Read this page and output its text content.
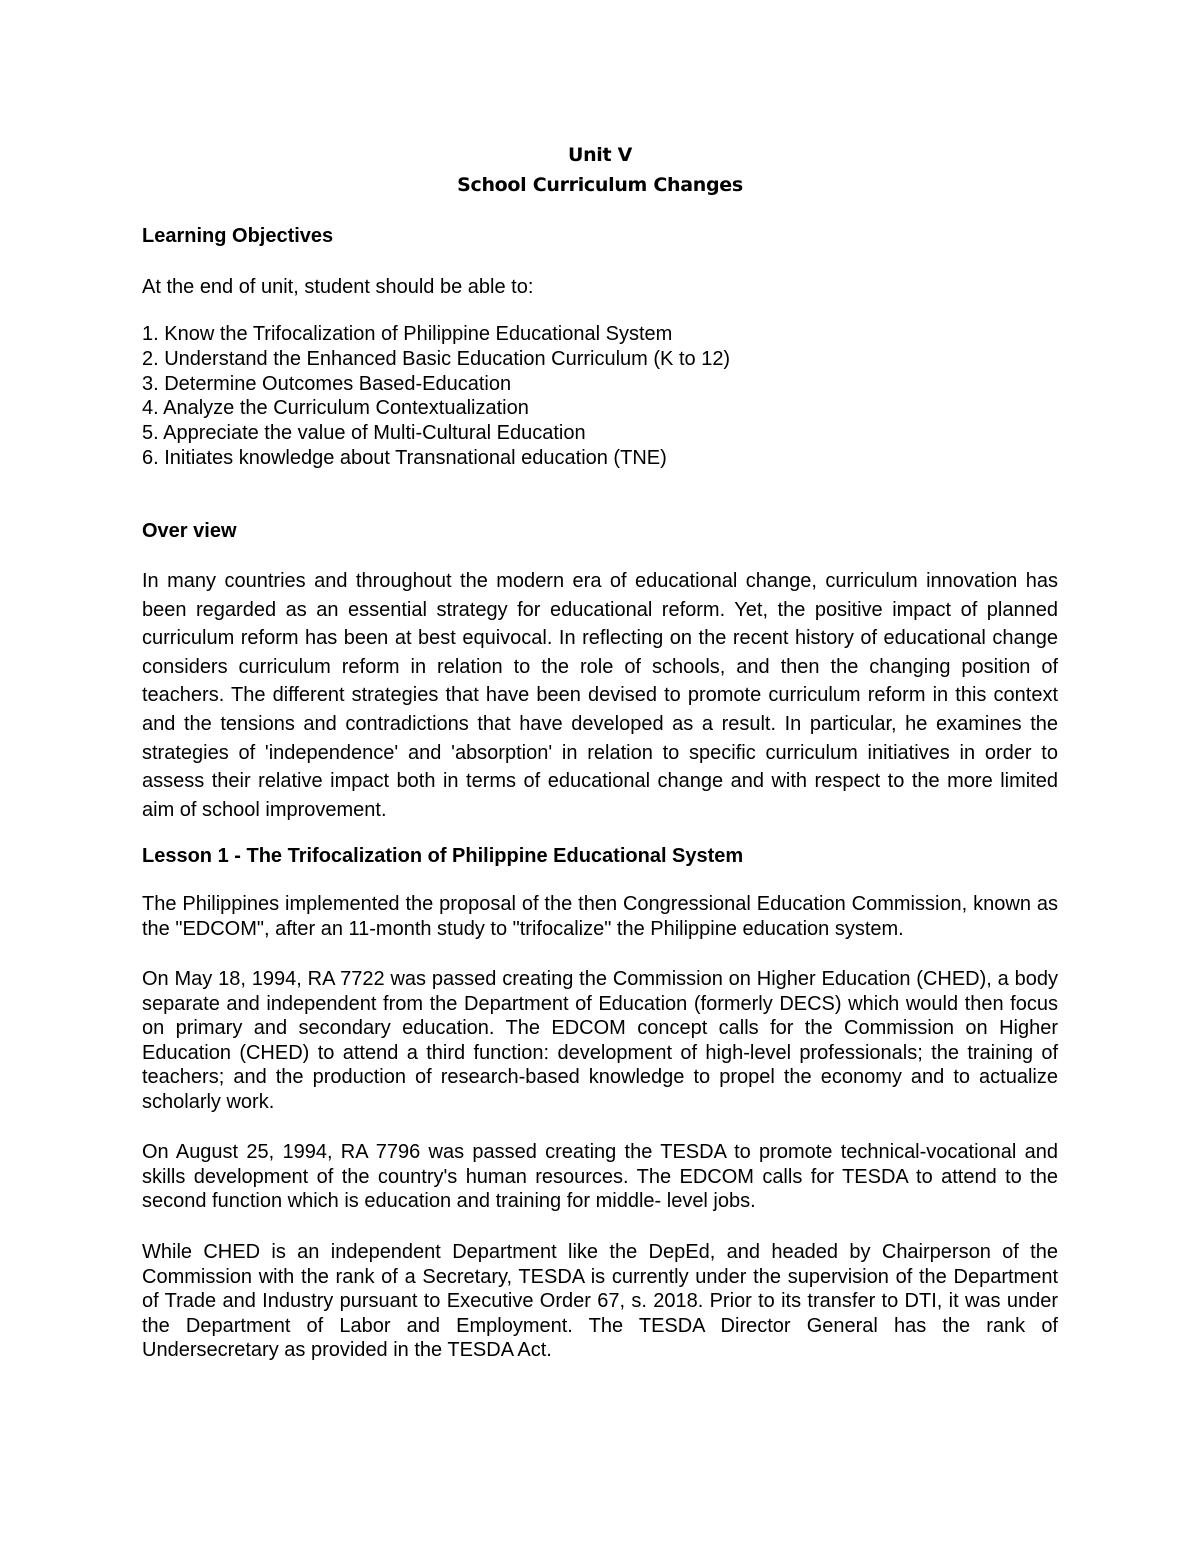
Unit V
School Curriculum Changes
Learning Objectives
At the end of unit, student should be able to:
1. Know the Trifocalization of Philippine Educational System
2. Understand the Enhanced Basic Education Curriculum (K to 12)
3. Determine Outcomes Based-Education
4. Analyze the Curriculum Contextualization
5. Appreciate the value of Multi-Cultural Education
6. Initiates knowledge about Transnational education (TNE)
Over view

In many countries and throughout the modern era of educational change, curriculum innovation has been regarded as an essential strategy for educational reform. Yet, the positive impact of planned curriculum reform has been at best equivocal. In reflecting on the recent history of educational change considers curriculum reform in relation to the role of schools, and then the changing position of teachers. The different strategies that have been devised to promote curriculum reform in this context and the tensions and contradictions that have developed as a result. In particular, he examines the strategies of 'independence' and 'absorption' in relation to specific curriculum initiatives in order to assess their relative impact both in terms of educational change and with respect to the more limited aim of school improvement.

Lesson 1 - The Trifocalization of Philippine Educational System

The Philippines implemented the proposal of the then Congressional Education Commission, known as the "EDCOM", after an 11-month study to "trifocalize" the Philippine education system.

On May 18, 1994, RA 7722 was passed creating the Commission on Higher Education (CHED), a body separate and independent from the Department of Education (formerly DECS) which would then focus on primary and secondary education. The EDCOM concept calls for the Commission on Higher Education (CHED) to attend a third function: development of high-level professionals; the training of teachers; and the production of research-based knowledge to propel the economy and to actualize scholarly work.

On August 25, 1994, RA 7796 was passed creating the TESDA to promote technical-vocational and skills development of the country's human resources. The EDCOM calls for TESDA to attend to the second function which is education and training for middle- level jobs.

While CHED is an independent Department like the DepEd, and headed by Chairperson of the Commission with the rank of a Secretary, TESDA is currently under the supervision of the Department of Trade and Industry pursuant to Executive Order 67, s. 2018. Prior to its transfer to DTI, it was under the Department of Labor and Employment. The TESDA Director General has the rank of Undersecretary as provided in the TESDA Act.
